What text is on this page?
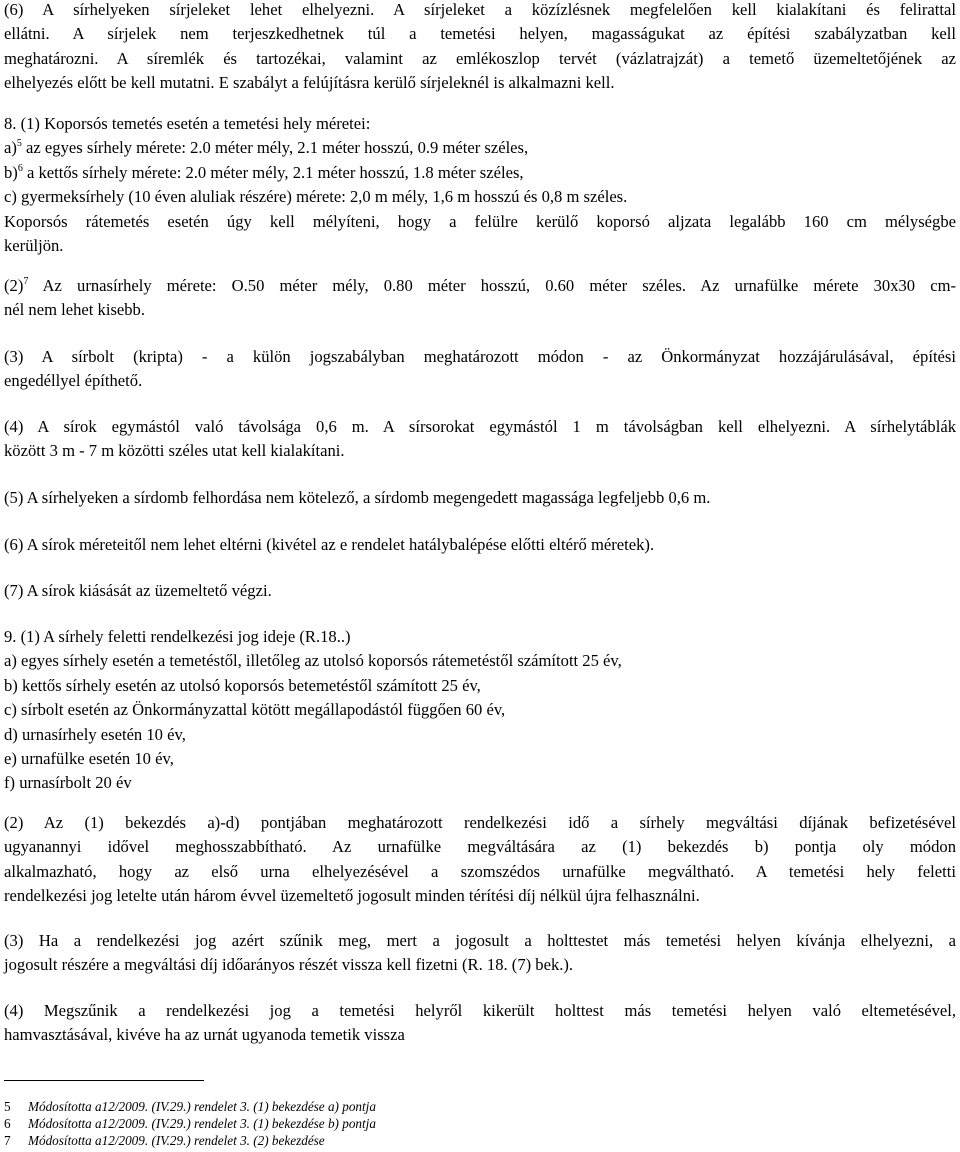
(6) A sírhelyeken sírjeleket lehet elhelyezni. A sírjeleket a közízlésnek megfelelően kell kialakítani és felirattal

ellátni. A sírjelek nem terjeszkedhetnek túl a temetési helyen, magasságukat az építési szabályzatban kell

meghatározni. A síremlék és tartozékai, valamint az emlékoszlop tervét (vázlatrajzát) a temető üzemeltetőjének az

elhelyezés előtt be kell mutatni. E szabályt a felújításra kerülő sírjeleknél is alkalmazni kell.

8. (1) Koporsós temetés esetén a temetési hely méretei:

a)$^5$ az egyes sírhely mérete: 2.0 méter mély, 2.1 méter hosszú, 0.9 méter széles,

b)$^6$ a kettős sírhely mérete: 2.0 méter mély, 2.1 méter hosszú, 1.8 méter széles,

c) gyermeksírhely (10 éven aluliak részére) mérete: 2,0 m mély, 1,6 m hosszú és 0,8 m széles.

Koporsós rátemetés esetén úgy kell mélyíteni, hogy a felülre kerülő koporsó aljzata legalább 160 cm mélységbe

kerüljön.

$(2)^7$ Az urnasírhely mérete: O.50 méter mély, 0.80 méter hosszú, 0.60 méter széles. Az urnafülke mérete 30x30 cm-

nél nem lehet kisebb.

(3) A sírbolt (kripta) - a külön jogszabályban meghatározott módon - az Önkormányzat hozzájárulásával, építési

engedéllyel építhető.

(4) A sírok egymástól való távolsága 0,6 m. A sírsorokat egymástól 1 m távolságban kell elhelyezni. A sírhelytáblák

között 3 m - 7 m közötti széles utat kell kialakítani.

(5) A sírhelyeken a sírdomb felhordása nem kötelező, a sírdomb megengedett magassága legfeljebb 0,6 m.

(6) A sírok méreteitől nem lehet eltérni (kivétel az e rendelet hatálybalépése előtti eltérő méretek).

(7) A sírok kiásását az üzemeltető végzi.

9. (1) A sírhely feletti rendelkezési jog ideje (R.18..)

a) egyes sírhely esetén a temetéstől, illetőleg az utolsó koporsós rátemetéstől számított 25 év,

b) kettős sírhely esetén az utolsó koporsós betemetéstől számított 25 év,

c) sírbolt esetén az Önkormányzattal kötött megállapodástól függően 60 év,

d) urnasírhely esetén 10 év,

e) urnafülke esetén 10 év,

f) urnasírbolt 20 év

(2) Az (1) bekezdés a)-d) pontjában meghatározott rendelkezési idő a sírhely megváltási díjának befizetésével

ugyanannyi idővel meghosszabbítható. Az urnafülke megváltására az (1) bekezdés b) pontja oly módon

alkalmazható, hogy az első urna elhelyezésével a szomszédos urnafülke megváltható. A temetési hely feletti

rendelkezési jog letelte után három évvel üzemeltető jogosult minden térítési díj nélkül újra felhasználni.

(3) Ha a rendelkezési jog azért szűnik meg, mert a jogosult a holttestet más temetési helyen kívánja elhelyezni, a

jogosult részére a megváltási díj időarányos részét vissza kell fizetni (R. 18. (7) bek.).

(4) Megszűnik a rendelkezési jog a temetési helyről kikerült holttest más temetési helyen való eltemetésével,

hamvasztásával, kivéve ha az urnát ugyanoda temetik vissza

5 Módosította a12/2009. (IV.29.) rendelet 3. (1) bekezdése a) pontja

6 Módosította a12/2009. (IV.29.) rendelet 3. (1) bekezdése b) pontja

7 Módosította a12/2009. (IV.29.) rendelet 3. (2) bekezdése
